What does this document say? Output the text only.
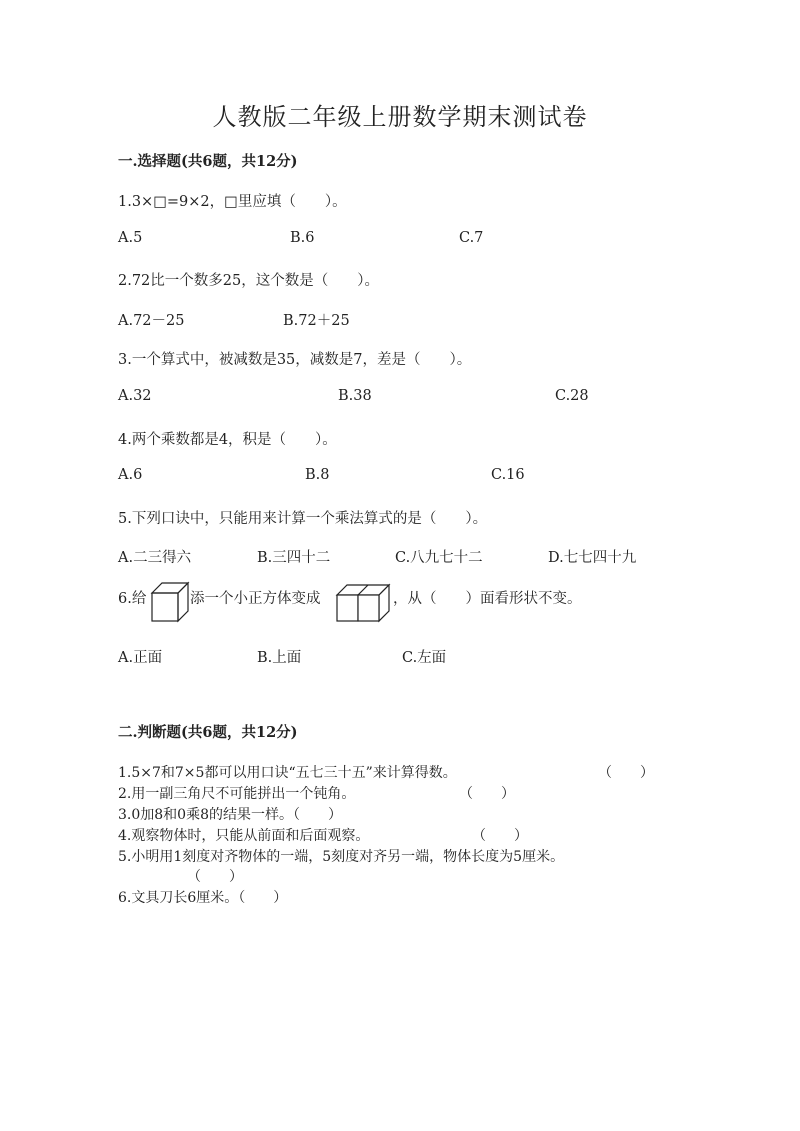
人教版二年级上册数学期末测试卷
一.选择题(共6题，共12分)
1.3×□=9×2，□里应填（　　）。
A.5	B.6	C.7
2.72比一个数多25，这个数是（　　）。
A.72－25	B.72＋25
3.一个算式中，被减数是35，减数是7，差是（　　）。
A.32	B.38	C.28
4.两个乘数都是4，积是（　　）。
A.6	B.8	C.16
5.下列口诀中，只能用来计算一个乘法算式的是（　　）。
A.二三得六	B.三四十二	C.八九七十二	D.七七四十九
6.给	添一个小正方体变成	，从（　　）面看形状不变。
A.正面	B.上面	C.左面
二.判断题(共6题，共12分)
1.5×7和7×5都可以用口诀“五七三十五”来计算得数。	（　　）
2.用一副三角尺不可能拼出一个钝角。	（　　）
3.0加8和0乘8的结果一样。（　　）
4.观察物体时，只能从前面和后面观察。	（　　）
5.小明用1刻度对齐物体的一端，5刻度对齐另一端，物体长度为5厘米。
（　　）
6.文具刀长6厘米。（　　）
